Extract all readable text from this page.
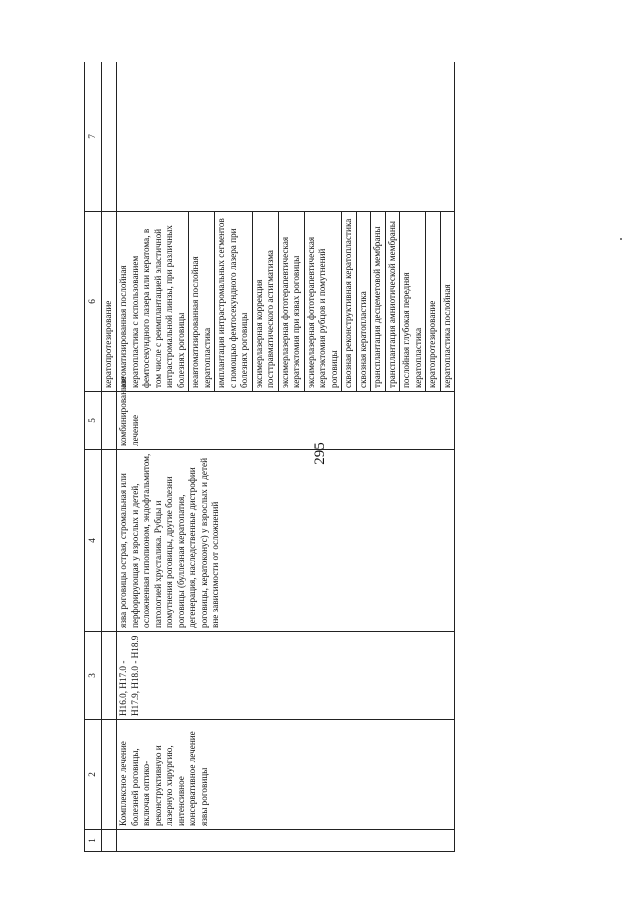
295
1	2	3	4	5	6	7
					кератопротезирование	
	Комплексное лечение болезней роговицы, включая оптико-реконструктивную и лазерную хирургию, интенсивное консервативное лечение язвы роговицы	H16.0, H17.0 - H17.9, H18.0 - H18.9	язва роговицы острая, стромальная или перфорирующая у взрослых и детей, осложненная гипопионом, эндофтальмитом, патологией хрусталика. Рубцы и помутнения роговицы, другие болезни роговицы (буллезная кератопатия, дегенерация, наследственные дистрофии роговицы, кератоконус) у взрослых и детей вне зависимости от осложнений	комбинированное лечение	автоматизированная послойная кератопластика с использованием фемтосекундного лазера или кератома, в том числе с реимплантацией эластичной интрастромальной линзы, при различных болезнях роговицы	
					неавтоматизированная послойная кератопластика	
					имплантация интрастромальных сегментов с помощью фемтосекундного лазера при болезнях роговицы	
					эксимерлазерная коррекция посттравматического астигматизма	
					эксимерлазерная фототерапевтическая кератэктомия при язвах роговицы	
					эксимерлазерная фототерапевтическая кератэктомия рубцов и помутнений роговицы	
					сквозная реконструктивная кератопластика	
					сквозная кератопластика	
					трансплантация десцеметовой мембраны	
					трансплантация амниотической мембраны	
					послойная глубокая передняя кератопластика	
					кератопротезирование	
					кератопластика послойная	
